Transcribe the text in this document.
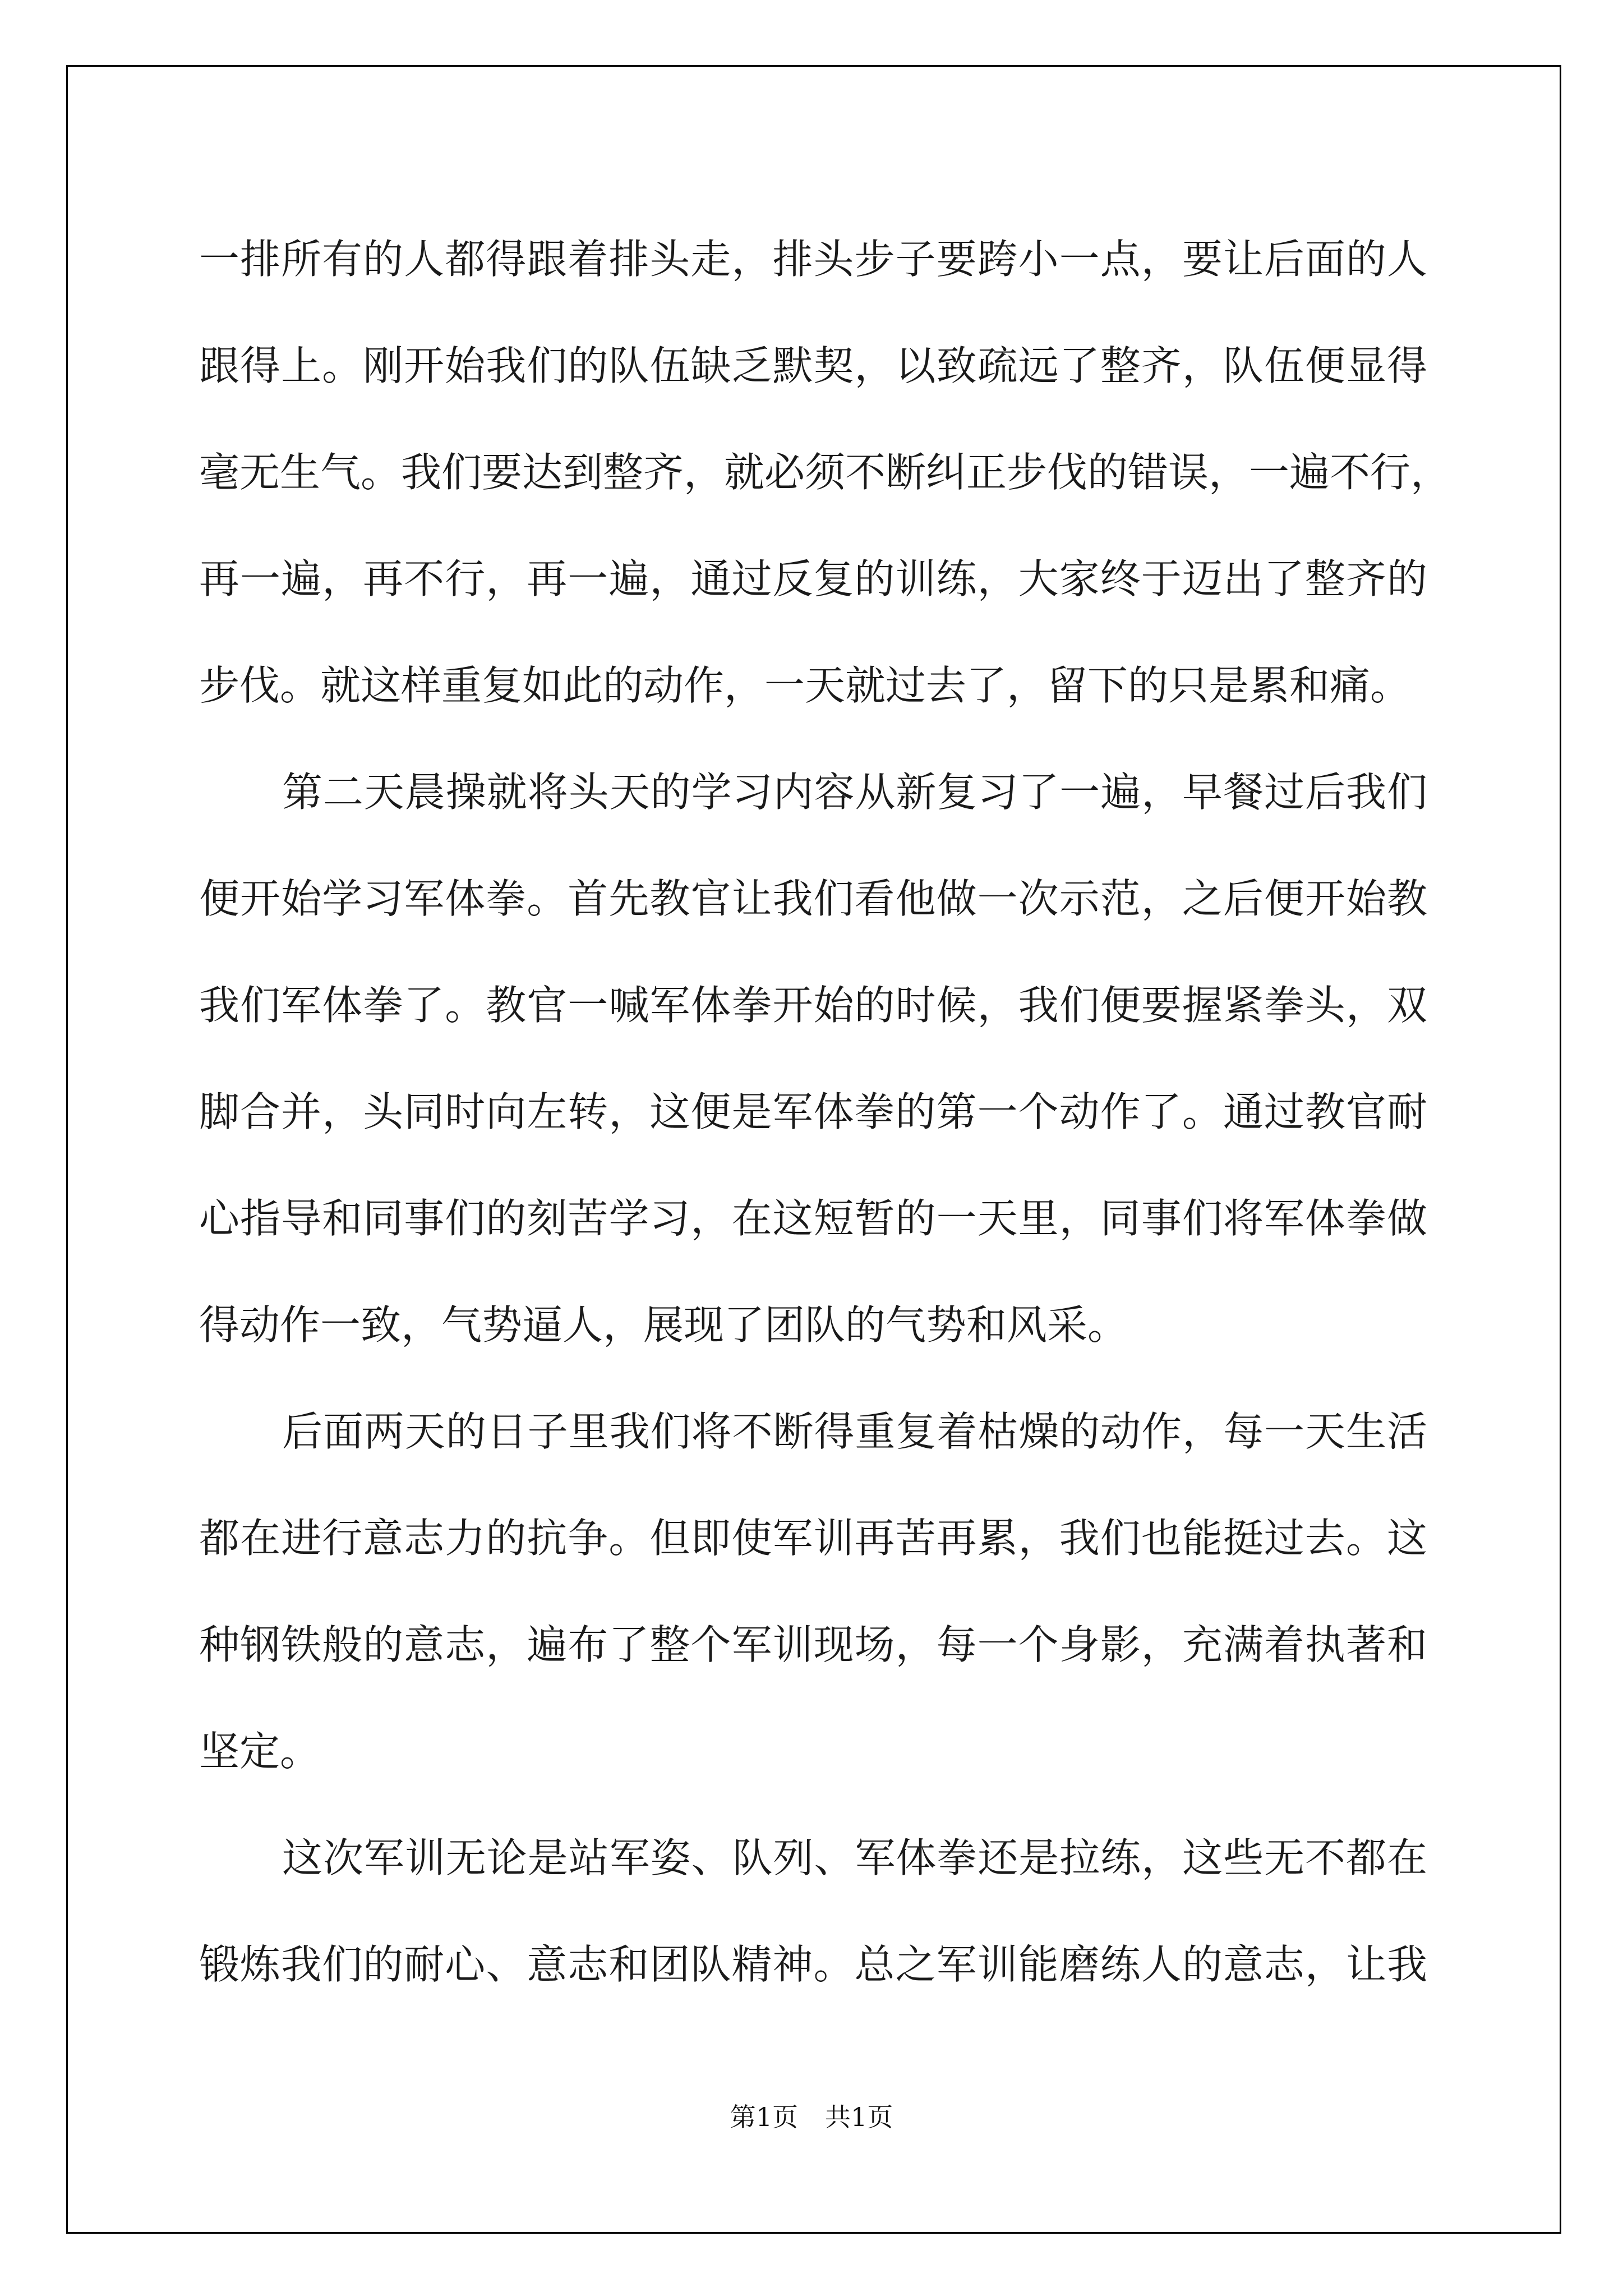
一排所有的人都得跟着排头走，排头步子要跨小一点，要让后面的人
跟得上。刚开始我们的队伍缺乏默契，以致疏远了整齐，队伍便显得
毫无生气。我们要达到整齐，就必须不断纠正步伐的错误，一遍不行，
再一遍，再不行，再一遍，通过反复的训练，大家终于迈出了整齐的
步伐。就这样重复如此的动作，一天就过去了，留下的只是累和痛。
第二天晨操就将头天的学习内容从新复习了一遍，早餐过后我们
便开始学习军体拳。首先教官让我们看他做一次示范，之后便开始教
我们军体拳了。教官一喊军体拳开始的时候，我们便要握紧拳头，双
脚合并，头同时向左转，这便是军体拳的第一个动作了。通过教官耐
心指导和同事们的刻苦学习，在这短暂的一天里，同事们将军体拳做
得动作一致，气势逼人，展现了团队的气势和风采。
后面两天的日子里我们将不断得重复着枯燥的动作，每一天生活
都在进行意志力的抗争。但即使军训再苦再累，我们也能挺过去。这
种钢铁般的意志，遍布了整个军训现场，每一个身影，充满着执著和
坚定。
这次军训无论是站军姿、队列、军体拳还是拉练，这些无不都在
锻炼我们的耐心、意志和团队精神。总之军训能磨练人的意志，让我
第1页 共1页
